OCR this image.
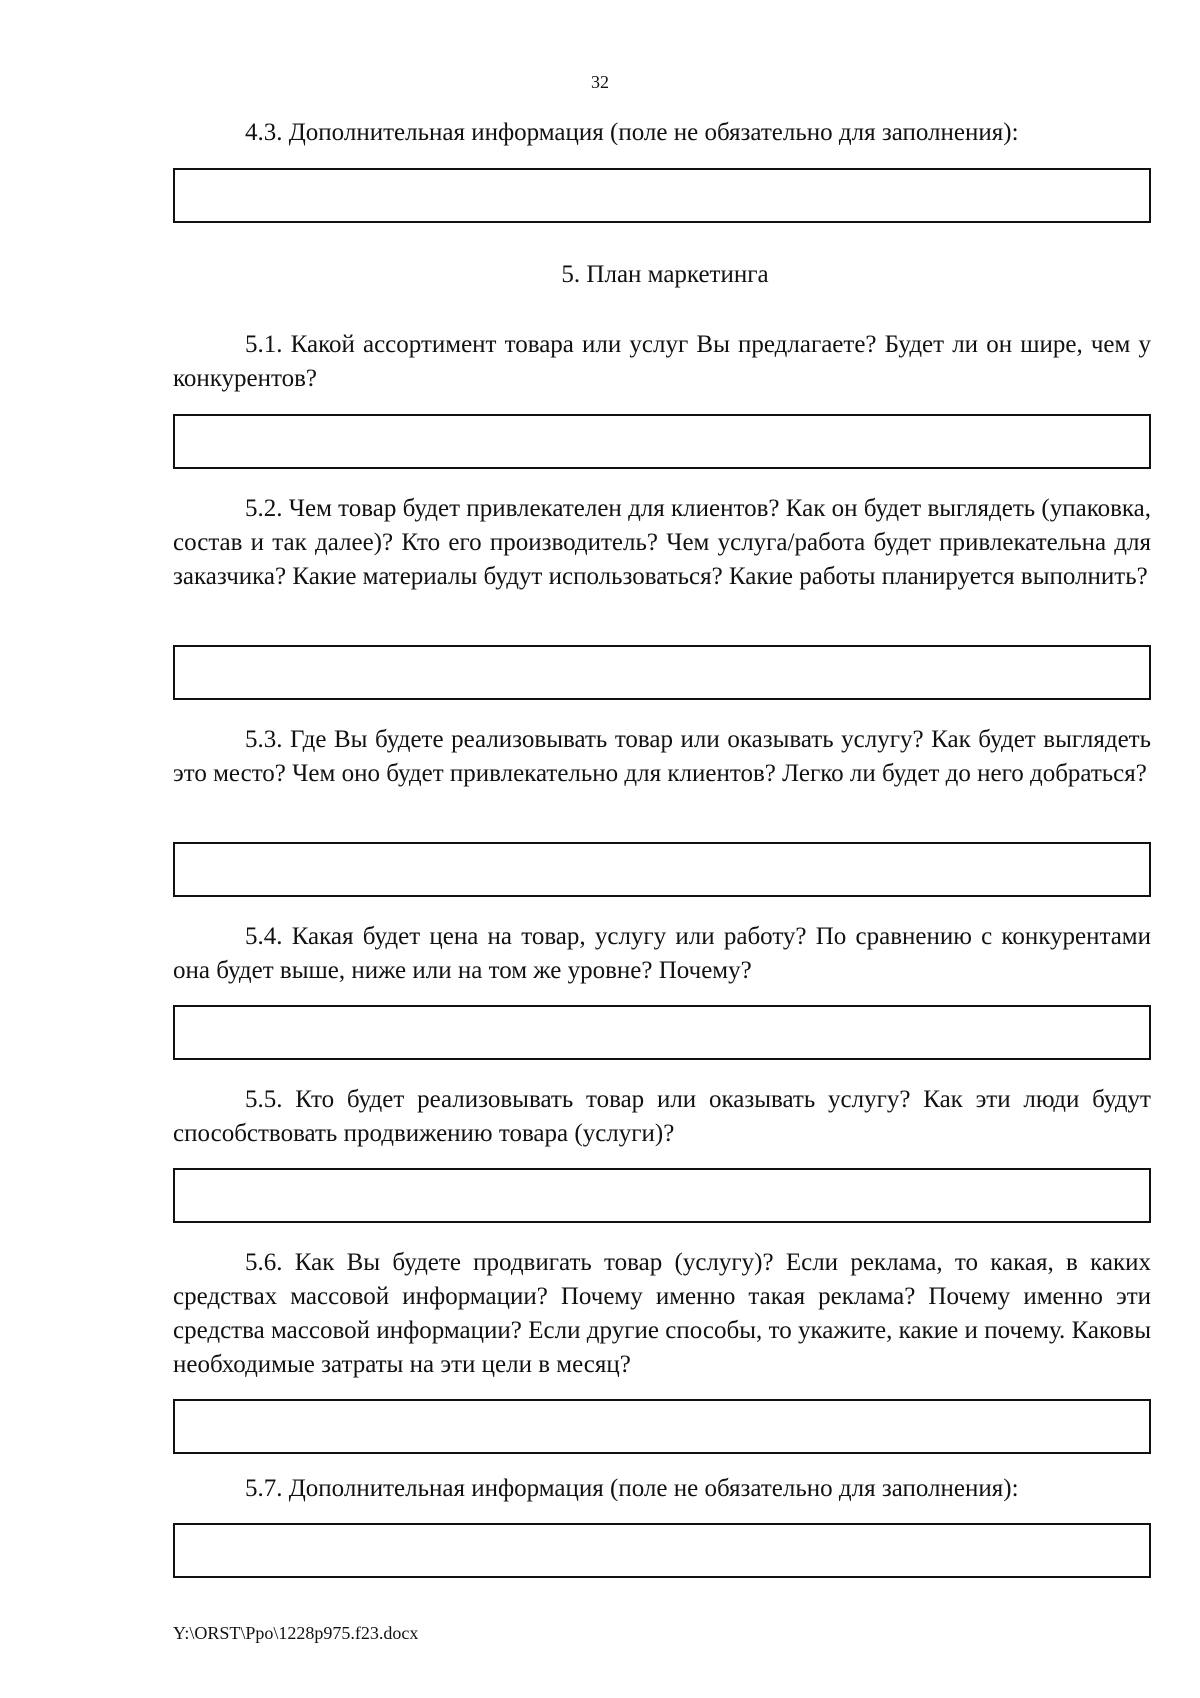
32

4.3. Дополнительная информация (поле не обязательно для заполнения):

5. План маркетинга

5.1. Какой ассортимент товара или услуг Вы предлагаете? Будет ли он шире, чем у конкурентов?

5.2. Чем товар будет привлекателен для клиентов? Как он будет выглядеть (упаковка, состав и так далее)? Кто его производитель? Чем услуга/работа будет привлекательна для заказчика? Какие материалы будут использоваться? Какие работы планируется выполнить?

5.3. Где Вы будете реализовывать товар или оказывать услугу? Как будет выглядеть это место? Чем оно будет привлекательно для клиентов? Легко ли будет до него добраться?

5.4. Какая будет цена на товар, услугу или работу? По сравнению с конкурентами она будет выше, ниже или на том же уровне? Почему?

5.5. Кто будет реализовывать товар или оказывать услугу? Как эти люди будут способствовать продвижению товара (услуги)?

5.6. Как Вы будете продвигать товар (услугу)? Если реклама, то какая, в каких средствах массовой информации? Почему именно такая реклама? Почему именно эти средства массовой информации? Если другие способы, то укажите, какие и почему. Каковы необходимые затраты на эти цели в месяц?

5.7. Дополнительная информация (поле не обязательно для заполнения):

Y:\ORST\Ppo\1228p975.f23.docx
